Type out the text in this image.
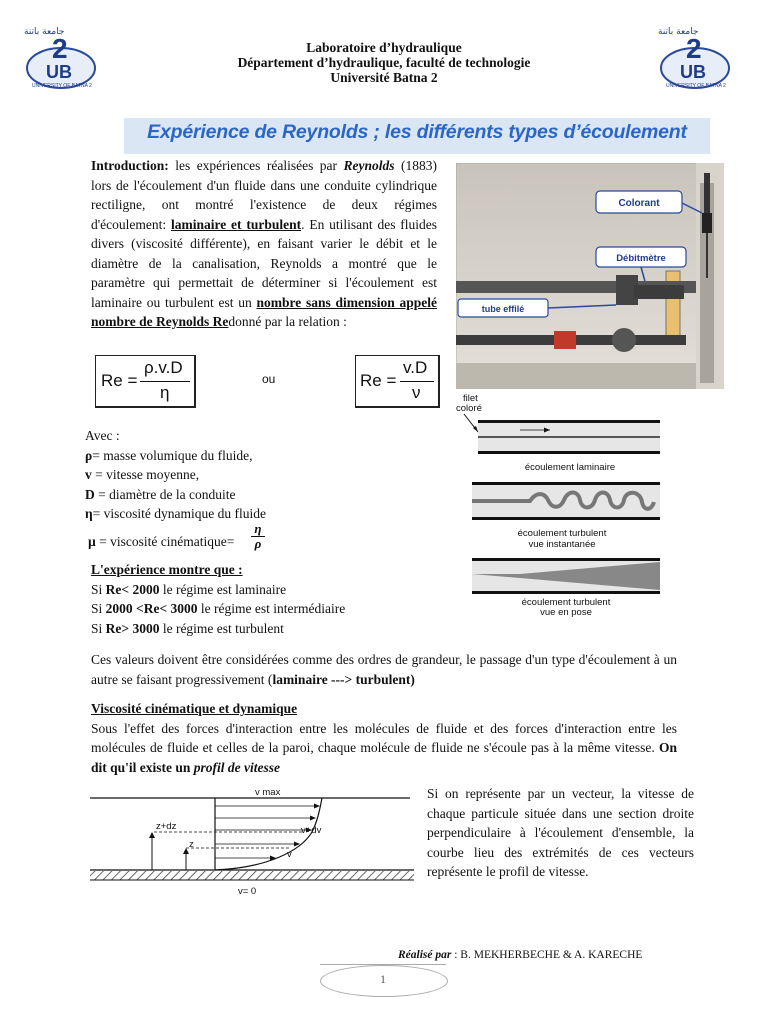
2
UB
جامعة باتنة
UNIVERSITY OF BATNA 2
2
UB
جامعة باتنة
UNIVERSITY OF BATNA 2
Laboratoire d’hydraulique
Département d’hydraulique, faculté de technologie
Université Batna 2
Expérience de Reynolds ; les différents types d’écoulement
Introduction: les expériences réalisées par Reynolds (1883) lors de l'écoulement d'un fluide dans une conduite cylindrique rectiligne, ont montré l'existence de deux régimes d'écoulement: laminaire et turbulent. En utilisant des fluides divers (viscosité différente), en faisant varier le débit et le diamètre de la canalisation, Reynolds a montré que le paramètre qui permettait de déterminer si l'écoulement est laminaire ou turbulent est un nombre sans dimension appelé nombre de Reynolds Redonné par la relation :
Re =
ρ.v.D
η
ou	Re =
v.D
ν
Colorant
Débitmètre
tube effilé
filet
coloré
écoulement laminaire
écoulement turbulent
vue instantanée
écoulement turbulent
vue en pose
Avec :
ρ= masse volumique du fluide,
v = vitesse moyenne,
D = diamètre de la conduite
η= viscosité dynamique du fluide
µ = viscosité cinématique= $\frac{\eta}{\rho}$
L'expérience montre que :
Si Re< 2000 le régime est laminaire
Si 2000 <Re< 3000 le régime est intermédiaire
Si Re> 3000 le régime est turbulent
Ces valeurs doivent être considérées comme des ordres de grandeur, le passage d'un type d'écoulement à un autre se faisant progressivement (laminaire ---> turbulent)
Viscosité cinématique et dynamique
Sous l'effet des forces d'interaction entre les molécules de fluide et des forces d'interaction entre les molécules de fluide et celles de la paroi, chaque molécule de fluide ne s'écoule pas à la même vitesse. On dit qu'il existe un profil de vitesse
v max
z+dz
z
v+dv
v
v= 0
Si on représente par un vecteur, la vitesse de chaque particule située dans une section droite perpendiculaire à l'écoulement d'ensemble, la courbe lieu des extrémités de ces vecteurs représente le profil de vitesse.
Réalisé par : B. MEKHERBECHE & A. KARECHE
1
